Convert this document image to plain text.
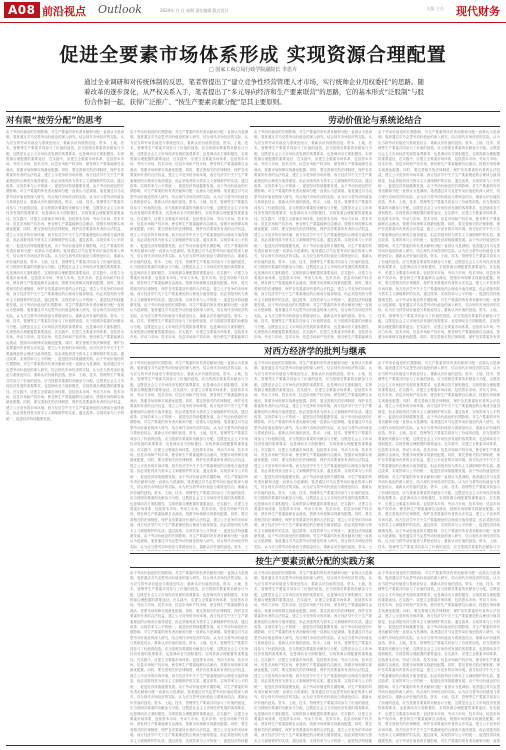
A08 前沿视点 Outlook	2024年 月 日 星期 责任编辑 版式设计	出版 主办 现代财务
促进全要素市场体系形成 实现资源合理配置
□ 国家工商总局行政学院副院长 李思卉
通过全业调研和对传统体制的反思，笔者曾提出了“建立竞争性经营管理人才市场，实行统帅企业用权委托”的思路。随着改革的逐步深化，从严权关系入手，笔者提出了“多元导向经济和生产要素联营”的思路，它的基本形式“泛股制”与股份合作制一起，获得广泛推广、“按生产要素贡献分配”是其主要原则。
对有限“按劳分配”的思考	劳动价值论与系统论结合
由于劳动价值论的长期影响，对生产要素的所有者贡献和分配一直被认为是剥削。笔者通过对马克思劳动价值论的深入研究，结合现代市场经济的实际，认为应当将劳动价值论与系统论结合，重新认识价值的创造。资本、土地、技术、管理等生产要素共同参与了价值的创造，应当按照各要素的贡献参与分配。这既是社会主义市场经济发展的客观要求，也是调动各方面积极性、实现资源合理配置的重要途径。在实践中，应建立全要素市场体系，包括资本市场、劳动力市场、技术市场、信息市场和产权市场，使各种生产要素能够自由流动，按照市场规律实现最优配置。同时，要完善相关的法律制度，保护各类要素所有者的合法权益，建立公平竞争的市场环境。西方经济学中关于生产要素理论的合理成分值得借鉴，但必须批判其为资本主义剥削辩护的实质。通过改革，实现效率与公平的统一，促进经济持续健康发展。由于劳动价值论的长期影响，对生产要素的所有者贡献和分配一直被认为是剥削。笔者通过对马克思劳动价值论的深入研究，结合现代市场经济的实际，认为应当将劳动价值论与系统论结合，重新认识价值的创造。资本、土地、技术、管理等生产要素共同参与了价值的创造，应当按照各要素的贡献参与分配。这既是社会主义市场经济发展的客观要求，也是调动各方面积极性、实现资源合理配置的重要途径。在实践中，应建立全要素市场体系，包括资本市场、劳动力市场、技术市场、信息市场和产权市场，使各种生产要素能够自由流动，按照市场规律实现最优配置。同时，要完善相关的法律制度，保护各类要素所有者的合法权益，建立公平竞争的市场环境。西方经济学中关于生产要素理论的合理成分值得借鉴，但必须批判其为资本主义剥削辩护的实质。通过改革，实现效率与公平的统一，促进经济持续健康发展。由于劳动价值论的长期影响，对生产要素的所有者贡献和分配一直被认为是剥削。笔者通过对马克思劳动价值论的深入研究，结合现代市场经济的实际，认为应当将劳动价值论与系统论结合，重新认识价值的创造。资本、土地、技术、管理等生产要素共同参与了价值的创造，应当按照各要素的贡献参与分配。这既是社会主义市场经济发展的客观要求，也是调动各方面积极性、实现资源合理配置的重要途径。在实践中，应建立全要素市场体系，包括资本市场、劳动力市场、技术市场、信息市场和产权市场，使各种生产要素能够自由流动，按照市场规律实现最优配置。同时，要完善相关的法律制度，保护各类要素所有者的合法权益，建立公平竞争的市场环境。西方经济学中关于生产要素理论的合理成分值得借鉴，但必须批判其为资本主义剥削辩护的实质。通过改革，实现效率与公平的统一，促进经济持续健康发展。由于劳动价值论的长期影响，对生产要素的所有者贡献和分配一直被认为是剥削。笔者通过对马克思劳动价值论的深入研究，结合现代市场经济的实际，认为应当将劳动价值论与系统论结合，重新认识价值的创造。资本、土地、技术、管理等生产要素共同参与了价值的创造，应当按照各要素的贡献参与分配。这既是社会主义市场经济发展的客观要求，也是调动各方面积极性、实现资源合理配置的重要途径。在实践中，应建立全要素市场体系，包括资本市场、劳动力市场、技术市场、信息市场和产权市场，使各种生产要素能够自由流动，按照市场规律实现最优配置。同时，要完善相关的法律制度，保护各类要素所有者的合法权益，建立公平竞争的市场环境。西方经济学中关于生产要素理论的合理成分值得借鉴，但必须批判其为资本主义剥削辩护的实质。通过改革，实现效率与公平的统一，促进经济持续健康发展。由于劳动价值论的长期影响，对生产要素的所有者贡献和分配一直被认为是剥削。笔者通过对马克思劳动价值论的深入研究，结合现代市场经济的实际，认为应当将劳动价值论与系统论结合，重新认识价值的创造。资本、土地、技术、管理等生产要素共同参与了价值的创造，应当按照各要素的贡献参与分配。这既是社会主义市场经济发展的客观要求，也是调动各方面积极性、实现资源合理配置的重要途径。在实践中，应建立全要素市场体系，包括资本市场、劳动力市场、技术市场、信息市场和产权市场，使各种生产要素能够自由流动，按照市场规律实现最优配置。同时，要完善相关的法律制度，保护各类要素所有者的合法权益，建立公平竞争的市场环境。西方经济学中关于生产要素理论的合理成分值得借鉴，但必须批判其为资本主义剥削辩护的实质。通过改革，实现效率与公平的统一，促进经济持续健康发展。
由于劳动价值论的长期影响，对生产要素的所有者贡献和分配一直被认为是剥削。笔者通过对马克思劳动价值论的深入研究，结合现代市场经济的实际，认为应当将劳动价值论与系统论结合，重新认识价值的创造。资本、土地、技术、管理等生产要素共同参与了价值的创造，应当按照各要素的贡献参与分配。这既是社会主义市场经济发展的客观要求，也是调动各方面积极性、实现资源合理配置的重要途径。在实践中，应建立全要素市场体系，包括资本市场、劳动力市场、技术市场、信息市场和产权市场，使各种生产要素能够自由流动，按照市场规律实现最优配置。同时，要完善相关的法律制度，保护各类要素所有者的合法权益，建立公平竞争的市场环境。西方经济学中关于生产要素理论的合理成分值得借鉴，但必须批判其为资本主义剥削辩护的实质。通过改革，实现效率与公平的统一，促进经济持续健康发展。由于劳动价值论的长期影响，对生产要素的所有者贡献和分配一直被认为是剥削。笔者通过对马克思劳动价值论的深入研究，结合现代市场经济的实际，认为应当将劳动价值论与系统论结合，重新认识价值的创造。资本、土地、技术、管理等生产要素共同参与了价值的创造，应当按照各要素的贡献参与分配。这既是社会主义市场经济发展的客观要求，也是调动各方面积极性、实现资源合理配置的重要途径。在实践中，应建立全要素市场体系，包括资本市场、劳动力市场、技术市场、信息市场和产权市场，使各种生产要素能够自由流动，按照市场规律实现最优配置。同时，要完善相关的法律制度，保护各类要素所有者的合法权益，建立公平竞争的市场环境。西方经济学中关于生产要素理论的合理成分值得借鉴，但必须批判其为资本主义剥削辩护的实质。通过改革，实现效率与公平的统一，促进经济持续健康发展。由于劳动价值论的长期影响，对生产要素的所有者贡献和分配一直被认为是剥削。笔者通过对马克思劳动价值论的深入研究，结合现代市场经济的实际，认为应当将劳动价值论与系统论结合，重新认识价值的创造。资本、土地、技术、管理等生产要素共同参与了价值的创造，应当按照各要素的贡献参与分配。这既是社会主义市场经济发展的客观要求，也是调动各方面积极性、实现资源合理配置的重要途径。在实践中，应建立全要素市场体系，包括资本市场、劳动力市场、技术市场、信息市场和产权市场，使各种生产要素能够自由流动，按照市场规律实现最优配置。同时，要完善相关的法律制度，保护各类要素所有者的合法权益，建立公平竞争的市场环境。西方经济学中关于生产要素理论的合理成分值得借鉴，但必须批判其为资本主义剥削辩护的实质。通过改革，实现效率与公平的统一，促进经济持续健康发展。由于劳动价值论的长期影响，对生产要素的所有者贡献和分配一直被认为是剥削。笔者通过对马克思劳动价值论的深入研究，结合现代市场经济的实际，认为应当将劳动价值论与系统论结合，重新认识价值的创造。资本、土地、技术、管理等生产要素共同参与了价值的创造，应当按照各要素的贡献参与分配。这既是社会主义市场经济发展的客观要求，也是调动各方面积极性、实现资源合理配置的重要途径。在实践中，应建立全要素市场体系，包括资本市场、劳动力市场、技术市场、信息市场和产权市场，使各种生产要素能够自
由于劳动价值论的长期影响，对生产要素的所有者贡献和分配一直被认为是剥削。笔者通过对马克思劳动价值论的深入研究，结合现代市场经济的实际，认为应当将劳动价值论与系统论结合，重新认识价值的创造。资本、土地、技术、管理等生产要素共同参与了价值的创造，应当按照各要素的贡献参与分配。这既是社会主义市场经济发展的客观要求，也是调动各方面积极性、实现资源合理配置的重要途径。在实践中，应建立全要素市场体系，包括资本市场、劳动力市场、技术市场、信息市场和产权市场，使各种生产要素能够自由流动，按照市场规律实现最优配置。同时，要完善相关的法律制度，保护各类要素所有者的合法权益，建立公平竞争的市场环境。西方经济学中关于生产要素理论的合理成分值得借鉴，但必须批判其为资本主义剥削辩护的实质。通过改革，实现效率与公平的统一，促进经济持续健康发展。由于劳动价值论的长期影响，对生产要素的所有者贡献和分配一直被认为是剥削。笔者通过对马克思劳动价值论的深入研究，结合现代市场经济的实际，认为应当将劳动价值论与系统论结合，重新认识价值的创造。资本、土地、技术、管理等生产要素共同参与了价值的创造，应当按照各要素的贡献参与分配。这既是社会主义市场经济发展的客观要求，也是调动各方面积极性、实现资源合理配置的重要途径。在实践中，应建立全要素市场体系，包括资本市场、劳动力市场、技术市场、信息市场和产权市场，使各种生产要素能够自由流动，按照市场规律实现最优配置。同时，要完善相关的法律制度，保护各类要素所有者的合法权益，建立公平竞争的市场环境。西方经济学中关于生产要素理论的合理成分值得借鉴，但必须批判其为资本主义剥削辩护的实质。通过改革，实现效率与公平的统一，促进经济持续健康发展。由于劳动价值论的长期影响，对生产要素的所有者贡献和分配一直被认为是剥削。笔者通过对马克思劳动价值论的深入研究，结合现代市场经济的实际，认为应当将劳动价值论与系统论结合，重新认识价值的创造。资本、土地、技术、管理等生产要素共同参与了价值的创造，应当按照各要素的贡献参与分配。这既是社会主义市场经济发展的客观要求，也是调动各方面积极性、实现资源合理配置的重要途径。在实践中，应建立全要素市场体系，包括资本市场、劳动力市场、技术市场、信息市场和产权市场，使各种生产要素能够自由流动，按照市场规律实现最优配置。同时，要完善相关的法律制度，保护各类要素所有者的合法权益，建立公平竞争的市场环境。西方经济学中关于生产要素理论的合理成分值得借鉴，但必须批判其为资本主义剥削辩护的实质。通过改革，实现效率与公平的统一，促进经济持续健康发展。由于劳动价值论的长期影响，对生产要素的所有者贡献和分配一直被认为是剥削。笔者通过对马克思劳动价值论的深入研究，结合现代市场经济的实际，认为应当将劳动价值论与系统论结合，重新认识价值的创造。资本、土地、技术、管理等生产要素共同参与了价值的创造，应当按照各要素的贡献参与分配。这既是社会主义市场经济发展的客观要求，也是调动各方面积极性、实现资源合理配置的重要途径。在实践中，应建立全要素市场体系，包括资本市场、劳动力市场、技术市场、信息市场和产权市场，使各种生产要素能够自
由于劳动价值论的长期影响，对生产要素的所有者贡献和分配一直被认为是剥削。笔者通过对马克思劳动价值论的深入研究，结合现代市场经济的实际，认为应当将劳动价值论与系统论结合，重新认识价值的创造。资本、土地、技术、管理等生产要素共同参与了价值的创造，应当按照各要素的贡献参与分配。这既是社会主义市场经济发展的客观要求，也是调动各方面积极性、实现资源合理配置的重要途径。在实践中，应建立全要素市场体系，包括资本市场、劳动力市场、技术市场、信息市场和产权市场，使各种生产要素能够自由流动，按照市场规律实现最优配置。同时，要完善相关的法律制度，保护各类要素所有者的合法权益，建立公平竞争的市场环境。西方经济学中关于生产要素理论的合理成分值得借鉴，但必须批判其为资本主义剥削辩护的实质。通过改革，实现效率与公平的统一，促进经济持续健康发展。由于劳动价值论的长期影响，对生产要素的所有者贡献和分配一直被认为是剥削。笔者通过对马克思劳动价值论的深入研究，结合现代市场经济的实际，认为应当将劳动价值论与系统论结合，重新认识价值的创造。资本、土地、技术、管理等生产要素共同参与了价值的创造，应当按照各要素的贡献参与分配。这既是社会主义市场经济发展的客观要求，也是调动各方面积极性、实现资源合理配置的重要途径。在实践中，应建立全要素市场体系，包括资本市场、劳动力市场、技术市场、信息市场和产权市场，使各种生产要素能够自由流动，按照市场规律实现最优配置。同时，要完善相关的法律制度，保护各类要素所有者的合法权益，建立公平竞争的市场环境。西方经济学中关于生产要素理论的合理成分值得借鉴，但必须批判其为资本主义剥削辩护的实质。通过改革，实现效率与公平的统一，促进经济持续健康发展。由于劳动价值论的长期影响，对生产要素的所有者贡献和分配一直被认为是剥削。笔者通过对马克思劳动价值论的深入研究，结合现代市场经济的实际，认为应当将劳动价值论与系统论结合，重新认识价值的创造。资本、土地、技术、管理等生产要素共同参与了价值的创造，应当按照各要素的贡献参与分配。这既是社会主义市场经济发展的客观要求，也是调动各方面积极性、实现资源合理配置的重要途径。在实践中，应建立全要素市场体系，包括资本市场、劳动力市场、技术市场、信息市场和产权市场，使各种生产要素能够自由流动，按照市场规律实现最优配置。同时，要完善相关的法律制度，保护各类要素所有者的合法权益，建立公平竞争的市场环境。西方经济学中关于生产要素理论的合理成分值得借鉴，但必须批判其为资本主义剥削辩护的实质。通过改革，实现效率与公平的统一，促进经济持续健康发展。由于劳动价值论的长期影响，对生产要素的所有者贡献和分配一直被认为是剥削。笔者通过对马克思劳动价值论的深入研究，结合现代市场经济的实际，认为应当将劳动价值论与系统论结合，重新认识价值的创造。资本、土地、技术、管理等生产要素共同参与了价值的创造，应当按照各要素的贡献参与分配。这既是社会主义市场经济发展的客观要求，也是调动各方面积极性、实现资源合理配置的重要途径。在实践中，应建立全要素市场体系，包括资本市场、劳动力市场、技术市场、信息市场和产权市场，使各种生产要素能够自由流动，按照市场规律实现最优配置。同时，要完善相关的法律制度，保护各类要素所有者
对西方经济学的批判与继承
由于劳动价值论的长期影响，对生产要素的所有者贡献和分配一直被认为是剥削。笔者通过对马克思劳动价值论的深入研究，结合现代市场经济的实际，认为应当将劳动价值论与系统论结合，重新认识价值的创造。资本、土地、技术、管理等生产要素共同参与了价值的创造，应当按照各要素的贡献参与分配。这既是社会主义市场经济发展的客观要求，也是调动各方面积极性、实现资源合理配置的重要途径。在实践中，应建立全要素市场体系，包括资本市场、劳动力市场、技术市场、信息市场和产权市场，使各种生产要素能够自由流动，按照市场规律实现最优配置。同时，要完善相关的法律制度，保护各类要素所有者的合法权益，建立公平竞争的市场环境。西方经济学中关于生产要素理论的合理成分值得借鉴，但必须批判其为资本主义剥削辩护的实质。通过改革，实现效率与公平的统一，促进经济持续健康发展。由于劳动价值论的长期影响，对生产要素的所有者贡献和分配一直被认为是剥削。笔者通过对马克思劳动价值论的深入研究，结合现代市场经济的实际，认为应当将劳动价值论与系统论结合，重新认识价值的创造。资本、土地、技术、管理等生产要素共同参与了价值的创造，应当按照各要素的贡献参与分配。这既是社会主义市场经济发展的客观要求，也是调动各方面积极性、实现资源合理配置的重要途径。在实践中，应建立全要素市场体系，包括资本市场、劳动力市场、技术市场、信息市场和产权市场，使各种生产要素能够自由流动，按照市场规律实现最优配置。同时，要完善相关的法律制度，保护各类要素所有者的合法权益，建立公平竞争的市场环境。西方经济学中关于生产要素理论的合理成分值得借鉴，但必须批判其为资本主义剥削辩护的实质。通过改革，实现效率与公平的统一，促进经济持续健康发展。由于劳动价值论的长期影响，对生产要素的所有者贡献和分配一直被认为是剥削。笔者通过对马克思劳动价值论的深入研究，结合现代市场经济的实际，认为应当将劳动价值论与系统论结合，重新认识价值的创造。资本、土地、技术、管理等生产要素共同参与了价值的创造，应当按照各要素的贡献参与分配。这既是社会主义市场经济发展的客观要求，也是调动各方面积极性、实现资源合理配置的重要途径。在实践中，应建立全要素市场体系，包括资本市场、劳动力市场、技术市场、信息市场和产权市场，使各种生产要素能够自由流动，按照市场规律实现最优配置。同时，要完善相关的法律制度，保护各类要素所有者的合法权益，建立公平竞争的市场环境。西方经济学中关于生产要素理论的合理成分值得借鉴，但必须批判其为资本主义剥削辩护的实质。通过改革，实现效率与公平的统一，促进经济持续健康发展。由于劳动价值论的长期影响，对生产要素的所有者贡献和分配一直被认为是剥削。笔者通过对马克思劳动价值论的深入研究，结合现代市场经济的实际，认为应当将劳动价值论与系统论结合，重新认识价值的创造。资本、土
由于劳动价值论的长期影响，对生产要素的所有者贡献和分配一直被认为是剥削。笔者通过对马克思劳动价值论的深入研究，结合现代市场经济的实际，认为应当将劳动价值论与系统论结合，重新认识价值的创造。资本、土地、技术、管理等生产要素共同参与了价值的创造，应当按照各要素的贡献参与分配。这既是社会主义市场经济发展的客观要求，也是调动各方面积极性、实现资源合理配置的重要途径。在实践中，应建立全要素市场体系，包括资本市场、劳动力市场、技术市场、信息市场和产权市场，使各种生产要素能够自由流动，按照市场规律实现最优配置。同时，要完善相关的法律制度，保护各类要素所有者的合法权益，建立公平竞争的市场环境。西方经济学中关于生产要素理论的合理成分值得借鉴，但必须批判其为资本主义剥削辩护的实质。通过改革，实现效率与公平的统一，促进经济持续健康发展。由于劳动价值论的长期影响，对生产要素的所有者贡献和分配一直被认为是剥削。笔者通过对马克思劳动价值论的深入研究，结合现代市场经济的实际，认为应当将劳动价值论与系统论结合，重新认识价值的创造。资本、土地、技术、管理等生产要素共同参与了价值的创造，应当按照各要素的贡献参与分配。这既是社会主义市场经济发展的客观要求，也是调动各方面积极性、实现资源合理配置的重要途径。在实践中，应建立全要素市场体系，包括资本市场、劳动力市场、技术市场、信息市场和产权市场，使各种生产要素能够自由流动，按照市场规律实现最优配置。同时，要完善相关的法律制度，保护各类要素所有者的合法权益，建立公平竞争的市场环境。西方经济学中关于生产要素理论的合理成分值得借鉴，但必须批判其为资本主义剥削辩护的实质。通过改革，实现效率与公平的统一，促进经济持续健康发展。由于劳动价值论的长期影响，对生产要素的所有者贡献和分配一直被认为是剥削。笔者通过对马克思劳动价值论的深入研究，结合现代市场经济的实际，认为应当将劳动价值论与系统论结合，重新认识价值的创造。资本、土地、技术、管理等生产要素共同参与了价值的创造，应当按照各要素的贡献参与分配。这既是社会主义市场经济发展的客观要求，也是调动各方面积极性、实现资源合理配置的重要途径。在实践中，应建立全要素市场体系，包括资本市场、劳动力市场、技术市场、信息市场和产权市场，使各种生产要素能够自由流动，按照市场规律实现最优配置。同时，要完善相关的法律制度，保护各类要素所有者的合法权益，建立公平竞争的市场环境。西方经济学中关于生产要素理论的合理成分值得借鉴，但必须批判其为资本主义剥削辩护的实质。通过改革，实现效率与公平的统一，促进经济持续健康发展。由于劳动价值论的长期影响，对生产要素的所有者贡献和分配一直被认为是剥削。笔者通过对马克思劳动价值论的深入研究，结合现代市场经济的实际，认为应当将劳动价值论与系统论结合，重新认识价值的创造。资本、土
由于劳动价值论的长期影响，对生产要素的所有者贡献和分配一直被认为是剥削。笔者通过对马克思劳动价值论的深入研究，结合现代市场经济的实际，认为应当将劳动价值论与系统论结合，重新认识价值的创造。资本、土地、技术、管理等生产要素共同参与了价值的创造，应当按照各要素的贡献参与分配。这既是社会主义市场经济发展的客观要求，也是调动各方面积极性、实现资源合理配置的重要途径。在实践中，应建立全要素市场体系，包括资本市场、劳动力市场、技术市场、信息市场和产权市场，使各种生产要素能够自由流动，按照市场规律实现最优配置。同时，要完善相关的法律制度，保护各类要素所有者的合法权益，建立公平竞争的市场环境。西方经济学中关于生产要素理论的合理成分值得借鉴，但必须批判其为资本主义剥削辩护的实质。通过改革，实现效率与公平的统一，促进经济持续健康发展。由于劳动价值论的长期影响，对生产要素的所有者贡献和分配一直被认为是剥削。笔者通过对马克思劳动价值论的深入研究，结合现代市场经济的实际，认为应当将劳动价值论与系统论结合，重新认识价值的创造。资本、土地、技术、管理等生产要素共同参与了价值的创造，应当按照各要素的贡献参与分配。这既是社会主义市场经济发展的客观要求，也是调动各方面积极性、实现资源合理配置的重要途径。在实践中，应建立全要素市场体系，包括资本市场、劳动力市场、技术市场、信息市场和产权市场，使各种生产要素能够自由流动，按照市场规律实现最优配置。同时，要完善相关的法律制度，保护各类要素所有者的合法权益，建立公平竞争的市场环境。西方经济学中关于生产要素理论的合理成分值得借鉴，但必须批判其为资本主义剥削辩护的实质。通过改革，实现效率与公平的统一，促进经济持续健康发展。由于劳动价值论的长期影响，对生产要素的所有者贡献和分配一直被认为是剥削。笔者通过对马克思劳动价值论的深入研究，结合现代市场经济的实际，认为应当将劳动价值论与系统论结合，重新认识价值的创造。资本、土地、技术、管理等生产要素共同参与了价值的创造，应当按照各要素的贡献参与分配。这既是社会主义市场经济发展的客观要求，也是调动各方面积极性、实现资源合理配置的重要途径。在实践中，应建立全要素市场体系，包括资本市场、劳动力市场、技术市场、信息市场和产权市场，使各种生产要素能够自由流动，按照市场规律实现最优配置。同时，要完善相关的法律制度，保护各类要素所有者的合法权益，建立公平竞争的市场环境。西方经济学中关于生产要素理论的合理成分值得借鉴，但必须批判其为资本主义剥削辩护的实质。通过改革，实现效率与公平的统一，促进经济持续健康发展。由于劳动价值论的长期影响，对生产要素的所有者贡献和分配一直被认为是剥削。笔者通过对马克思劳动价值论的深入研究，结合现代市场经济的实际，认为应当将劳动价值论与系统论结合，重新认识价值的创造。资本、土地、技术、管理等生产要素共同参与了价值的创造，应当按照各要素的贡献参与分
按生产要素贡献分配的实践方案
由于劳动价值论的长期影响，对生产要素的所有者贡献和分配一直被认为是剥削。笔者通过对马克思劳动价值论的深入研究，结合现代市场经济的实际，认为应当将劳动价值论与系统论结合，重新认识价值的创造。资本、土地、技术、管理等生产要素共同参与了价值的创造，应当按照各要素的贡献参与分配。这既是社会主义市场经济发展的客观要求，也是调动各方面积极性、实现资源合理配置的重要途径。在实践中，应建立全要素市场体系，包括资本市场、劳动力市场、技术市场、信息市场和产权市场，使各种生产要素能够自由流动，按照市场规律实现最优配置。同时，要完善相关的法律制度，保护各类要素所有者的合法权益，建立公平竞争的市场环境。西方经济学中关于生产要素理论的合理成分值得借鉴，但必须批判其为资本主义剥削辩护的实质。通过改革，实现效率与公平的统一，促进经济持续健康发展。由于劳动价值论的长期影响，对生产要素的所有者贡献和分配一直被认为是剥削。笔者通过对马克思劳动价值论的深入研究，结合现代市场经济的实际，认为应当将劳动价值论与系统论结合，重新认识价值的创造。资本、土地、技术、管理等生产要素共同参与了价值的创造，应当按照各要素的贡献参与分配。这既是社会主义市场经济发展的客观要求，也是调动各方面积极性、实现资源合理配置的重要途径。在实践中，应建立全要素市场体系，包括资本市场、劳动力市场、技术市场、信息市场和产权市场，使各种生产要素能够自由流动，按照市场规律实现最优配置。同时，要完善相关的法律制度，保护各类要素所有者的合法权益，建立公平竞争的市场环境。西方经济学中关于生产要素理论的合理成分值得借鉴，但必须批判其为资本主义剥削辩护的实质。通过改革，实现效率与公平的统一，促进经济持续健康发展。由于劳动价值论的长期影响，对生产要素的所有者贡献和分配一直被认为是剥削。笔者通过对马克思劳动价值论的深入研究，结合现代市场经济的实际，认为应当将劳动价值论与系统论结合，重新认识价值的创造。资本、土地、技术、管理等生产要素共同参与了价值的创造，应当按照各要素的贡献参与分配。这既是社会主义市场经济发展的客观要求，也是调动各方面积极性、实现资源合理配置的重要途径。在实践中，应建立全要素市场体系，包括资本市场、劳动力市场、技术市场、信息市场和产权市场，使各种生产要素能够自由流动，按照市场规律实现最优配置。同时，要完善相关的法律制度，保护各类要素所有者的合法权益，建立公平竞争的市场环境。西方经济学中关于生产要素理论的合理成分值得借鉴，但必须批判其为资本主义剥削辩护的实质。通过改革，实现效率与公平的统一，促进经济持续健
由于劳动价值论的长期影响，对生产要素的所有者贡献和分配一直被认为是剥削。笔者通过对马克思劳动价值论的深入研究，结合现代市场经济的实际，认为应当将劳动价值论与系统论结合，重新认识价值的创造。资本、土地、技术、管理等生产要素共同参与了价值的创造，应当按照各要素的贡献参与分配。这既是社会主义市场经济发展的客观要求，也是调动各方面积极性、实现资源合理配置的重要途径。在实践中，应建立全要素市场体系，包括资本市场、劳动力市场、技术市场、信息市场和产权市场，使各种生产要素能够自由流动，按照市场规律实现最优配置。同时，要完善相关的法律制度，保护各类要素所有者的合法权益，建立公平竞争的市场环境。西方经济学中关于生产要素理论的合理成分值得借鉴，但必须批判其为资本主义剥削辩护的实质。通过改革，实现效率与公平的统一，促进经济持续健康发展。由于劳动价值论的长期影响，对生产要素的所有者贡献和分配一直被认为是剥削。笔者通过对马克思劳动价值论的深入研究，结合现代市场经济的实际，认为应当将劳动价值论与系统论结合，重新认识价值的创造。资本、土地、技术、管理等生产要素共同参与了价值的创造，应当按照各要素的贡献参与分配。这既是社会主义市场经济发展的客观要求，也是调动各方面积极性、实现资源合理配置的重要途径。在实践中，应建立全要素市场体系，包括资本市场、劳动力市场、技术市场、信息市场和产权市场，使各种生产要素能够自由流动，按照市场规律实现最优配置。同时，要完善相关的法律制度，保护各类要素所有者的合法权益，建立公平竞争的市场环境。西方经济学中关于生产要素理论的合理成分值得借鉴，但必须批判其为资本主义剥削辩护的实质。通过改革，实现效率与公平的统一，促进经济持续健康发展。由于劳动价值论的长期影响，对生产要素的所有者贡献和分配一直被认为是剥削。笔者通过对马克思劳动价值论的深入研究，结合现代市场经济的实际，认为应当将劳动价值论与系统论结合，重新认识价值的创造。资本、土地、技术、管理等生产要素共同参与了价值的创造，应当按照各要素的贡献参与分配。这既是社会主义市场经济发展的客观要求，也是调动各方面积极性、实现资源合理配置的重要途径。在实践中，应建立全要素市场体系，包括资本市场、劳动力市场、技术市场、信息市场和产权市场，使各种生产要素能够自由流动，按照市场规律实现最优配置。同时，要完善相关的法律制度，保护各类要素所有者的合法权益，建立公平竞争的市场环境。西方经济学中关于生产要素理论的合理成分值得借鉴，但必须批判其为资本主义剥削辩护的实质。通过改革，实现效率与公平的统一，促进经济持续健
由于劳动价值论的长期影响，对生产要素的所有者贡献和分配一直被认为是剥削。笔者通过对马克思劳动价值论的深入研究，结合现代市场经济的实际，认为应当将劳动价值论与系统论结合，重新认识价值的创造。资本、土地、技术、管理等生产要素共同参与了价值的创造，应当按照各要素的贡献参与分配。这既是社会主义市场经济发展的客观要求，也是调动各方面积极性、实现资源合理配置的重要途径。在实践中，应建立全要素市场体系，包括资本市场、劳动力市场、技术市场、信息市场和产权市场，使各种生产要素能够自由流动，按照市场规律实现最优配置。同时，要完善相关的法律制度，保护各类要素所有者的合法权益，建立公平竞争的市场环境。西方经济学中关于生产要素理论的合理成分值得借鉴，但必须批判其为资本主义剥削辩护的实质。通过改革，实现效率与公平的统一，促进经济持续健康发展。由于劳动价值论的长期影响，对生产要素的所有者贡献和分配一直被认为是剥削。笔者通过对马克思劳动价值论的深入研究，结合现代市场经济的实际，认为应当将劳动价值论与系统论结合，重新认识价值的创造。资本、土地、技术、管理等生产要素共同参与了价值的创造，应当按照各要素的贡献参与分配。这既是社会主义市场经济发展的客观要求，也是调动各方面积极性、实现资源合理配置的重要途径。在实践中，应建立全要素市场体系，包括资本市场、劳动力市场、技术市场、信息市场和产权市场，使各种生产要素能够自由流动，按照市场规律实现最优配置。同时，要完善相关的法律制度，保护各类要素所有者的合法权益，建立公平竞争的市场环境。西方经济学中关于生产要素理论的合理成分值得借鉴，但必须批判其为资本主义剥削辩护的实质。通过改革，实现效率与公平的统一，促进经济持续健康发展。由于劳动价值论的长期影响，对生产要素的所有者贡献和分配一直被认为是剥削。笔者通过对马克思劳动价值论的深入研究，结合现代市场经济的实际，认为应当将劳动价值论与系统论结合，重新认识价值的创造。资本、土地、技术、管理等生产要素共同参与了价值的创造，应当按照各要素的贡献参与分配。这既是社会主义市场经济发展的客观要求，也是调动各方面积极性、实现资源合理配置的重要途径。在实践中，应建立全要素市场体系，包括资本市场、劳动力市场、技术市场、信息市场和产权市场，使各种生产要素能够自由流动，按照市场规律实现最优配置。同时，要完善相关的法律制度，保护各类要素所有者的合法权益，建立公平竞争的市场环境。西方经济学中关于生产要素理论的合理成分值得借鉴，但必须批判其为资本主义剥削辩护的实质。通过改革，实现效率与公平的统一，促进经济持续健康发展。由于劳动价值论的长期影响，对生产要素的所有者贡献和分配一直被
